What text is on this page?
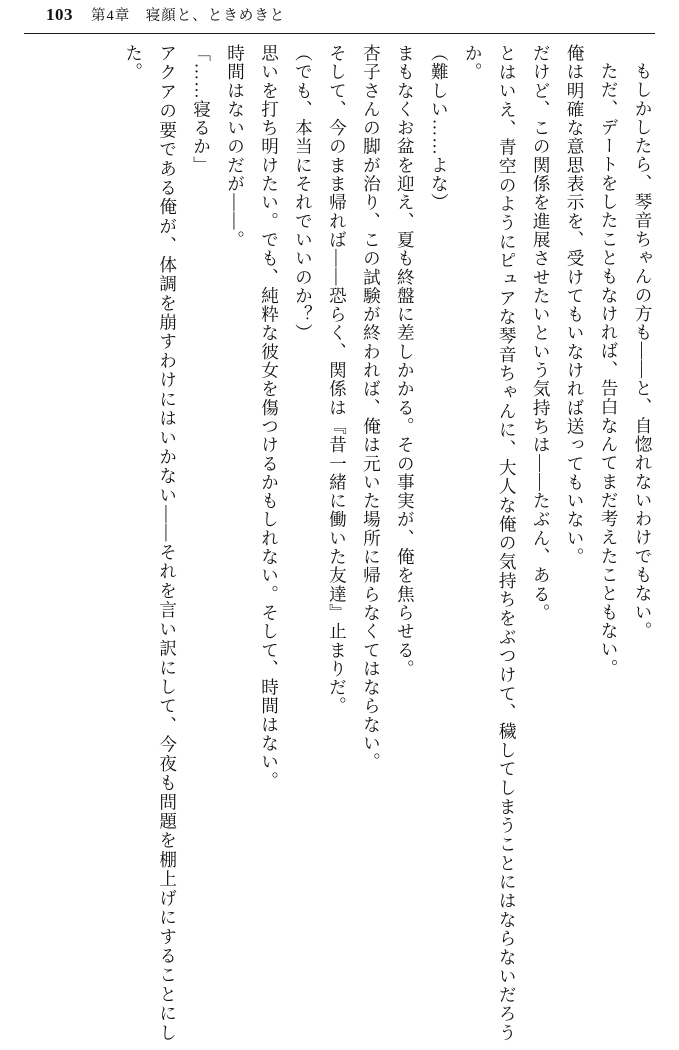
103 第4章　寝顔と、ときめきと

もしかしたら、琴音ちゃんの方も——と、自惚れないわけでもない。

ただ、デートをしたこともなければ、告白なんてまだ考えたこともない。

俺は明確な意思表示を、受けてもいなければ送ってもいない。

だけど、この関係を進展させたいという気持ちは——たぶん、ある。

とはいえ、青空のようにピュアな琴音ちゃんに、大人な俺の気持ちをぶつけて、穢してしまうことにはならないだろうか。

（難しい……よな）

まもなくお盆を迎え、夏も終盤に差しかかる。その事実が、俺を焦らせる。

杏子さんの脚が治り、この試験が終われば、俺は元いた場所に帰らなくてはならない。

そして、今のまま帰れば——恐らく、関係は『昔一緒に働いた友達』止まりだ。

（でも、本当にそれでいいのか？）

思いを打ち明けたい。でも、純粋な彼女を傷つけるかもしれない。そして、時間はない。

時間はないのだが——。

「……寝るか」

アクアの要である俺が、体調を崩すわけにはいかない——それを言い訳にして、今夜も問題を棚上げにすることにした。
